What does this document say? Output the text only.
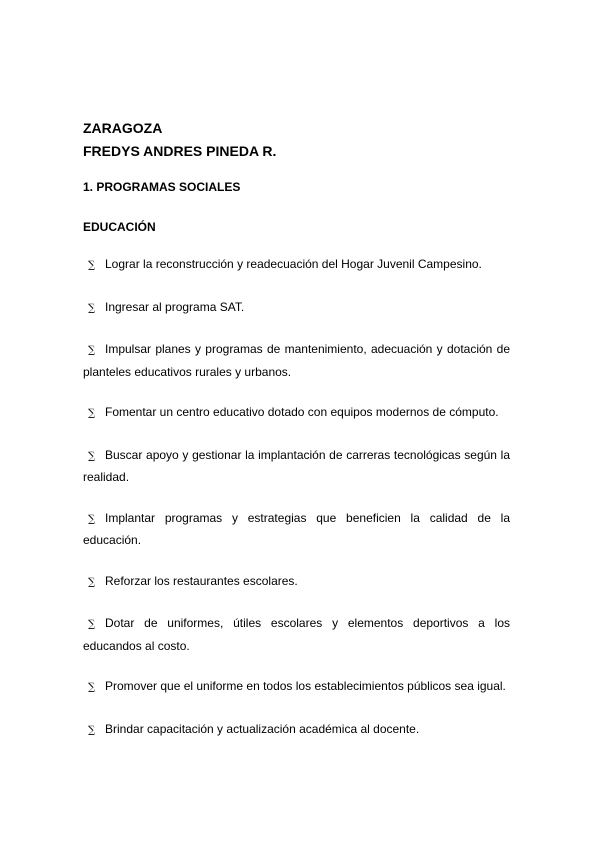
ZARAGOZA

FREDYS ANDRES PINEDA R.

1. PROGRAMAS SOCIALES

EDUCACIÓN

∑ Lograr la reconstrucción y readecuación del Hogar Juvenil Campesino.
∑ Ingresar al programa SAT.
∑ Impulsar planes y programas de mantenimiento, adecuación y dotación de planteles educativos rurales y urbanos.
∑ Fomentar un centro educativo dotado con equipos modernos de cómputo.
∑ Buscar apoyo y gestionar la implantación de carreras tecnológicas según la realidad.
∑ Implantar programas y estrategias que beneficien la calidad de la educación.
∑ Reforzar los restaurantes escolares.
∑ Dotar de uniformes, útiles escolares y elementos deportivos a los educandos al costo.
∑ Promover que el uniforme en todos los establecimientos públicos sea igual.
∑ Brindar capacitación y actualización académica al docente.
